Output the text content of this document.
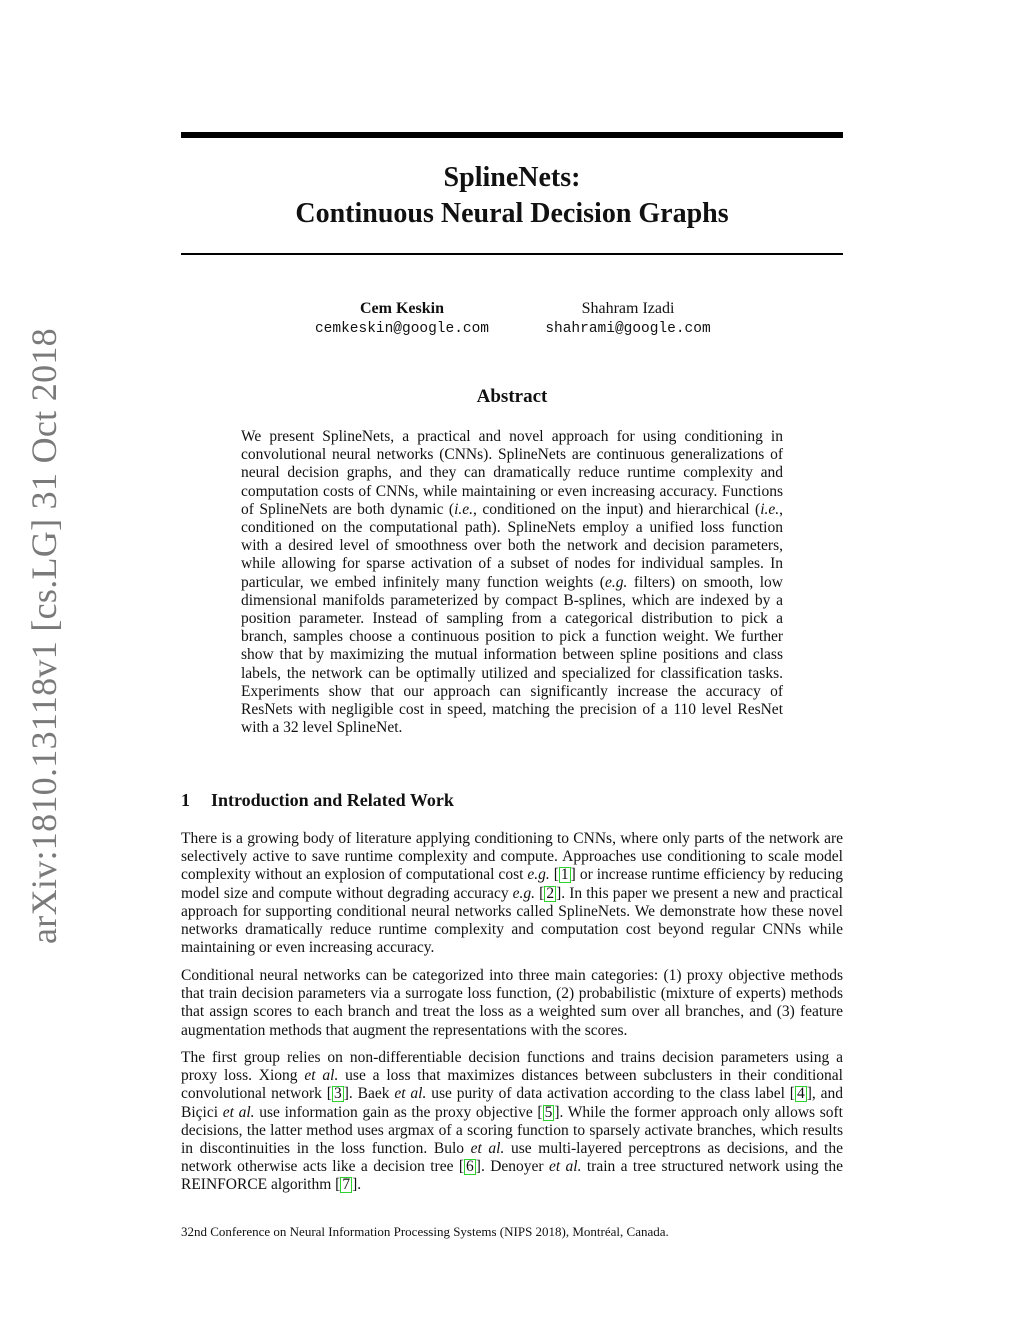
arXiv:1810.13118v1 [cs.LG] 31 Oct 2018
SplineNets:
Continuous Neural Decision Graphs
Cem Keskin
cemkeskin@google.com
Shahram Izadi
shahrami@google.com
Abstract
We present SplineNets, a practical and novel approach for using conditioning in convolutional neural networks (CNNs). SplineNets are continuous generalizations of neural decision graphs, and they can dramatically reduce runtime complexity and computation costs of CNNs, while maintaining or even increasing accuracy. Functions of SplineNets are both dynamic (i.e., conditioned on the input) and hierarchical (i.e., conditioned on the computational path). SplineNets employ a unified loss function with a desired level of smoothness over both the network and decision parameters, while allowing for sparse activation of a subset of nodes for individual samples. In particular, we embed infinitely many function weights (e.g. filters) on smooth, low dimensional manifolds parameterized by compact B-splines, which are indexed by a position parameter. Instead of sampling from a categorical distribution to pick a branch, samples choose a continuous position to pick a function weight. We further show that by maximizing the mutual information between spline positions and class labels, the network can be optimally utilized and specialized for classification tasks. Experiments show that our approach can significantly increase the accuracy of ResNets with negligible cost in speed, matching the precision of a 110 level ResNet with a 32 level SplineNet.
1 Introduction and Related Work
There is a growing body of literature applying conditioning to CNNs, where only parts of the network are selectively active to save runtime complexity and compute. Approaches use conditioning to scale model complexity without an explosion of computational cost e.g. [ 1 ] or increase runtime efficiency by reducing model size and compute without degrading accuracy e.g. [ 2 ]. In this paper we present a new and practical approach for supporting conditional neural networks called SplineNets. We demonstrate how these novel networks dramatically reduce runtime complexity and computation cost beyond regular CNNs while maintaining or even increasing accuracy.
Conditional neural networks can be categorized into three main categories: (1) proxy objective methods that train decision parameters via a surrogate loss function, (2) probabilistic (mixture of experts) methods that assign scores to each branch and treat the loss as a weighted sum over all branches, and (3) feature augmentation methods that augment the representations with the scores.
The first group relies on non-differentiable decision functions and trains decision parameters using a proxy loss. Xiong et al. use a loss that maximizes distances between subclusters in their conditional convolutional network [ 3 ]. Baek et al. use purity of data activation according to the class label [ 4 ], and Biçici et al. use information gain as the proxy objective [ 5 ]. While the former approach only allows soft decisions, the latter method uses argmax of a scoring function to sparsely activate branches, which results in discontinuities in the loss function. Bulo et al. use multi-layered perceptrons as decisions, and the network otherwise acts like a decision tree [ 6 ]. Denoyer et al. train a tree structured network using the REINFORCE algorithm [ 7 ].
32nd Conference on Neural Information Processing Systems (NIPS 2018), Montréal, Canada.
